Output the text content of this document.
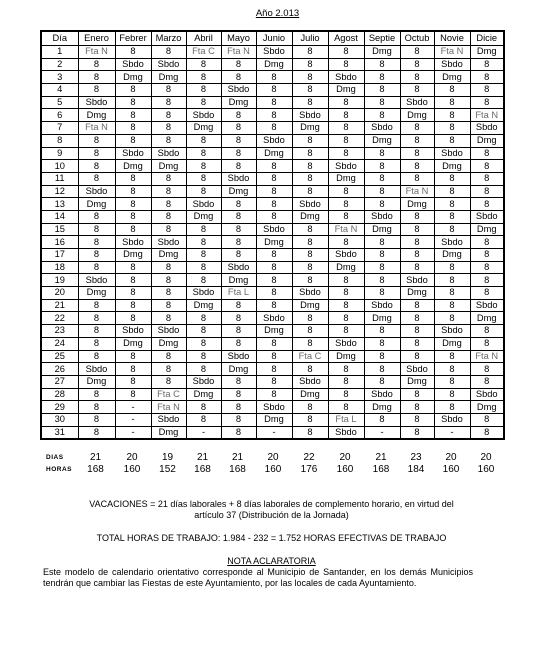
Año 2.013
Día	Enero	Febrer	Marzo	Abril	Mayo	Junio	Julio	Agost	Septie	Octub	Novie	Dicie
1	Fta N	8	8	Fta C	Fta N	Sbdo	8	8	Dmg	8	Fta N	Dmg
2	8	Sbdo	Sbdo	8	8	Dmg	8	8	8	8	Sbdo	8
3	8	Dmg	Dmg	8	8	8	8	Sbdo	8	8	Dmg	8
4	8	8	8	8	Sbdo	8	8	Dmg	8	8	8	8
5	Sbdo	8	8	8	Dmg	8	8	8	8	Sbdo	8	8
6	Dmg	8	8	Sbdo	8	8	Sbdo	8	8	Dmg	8	Fta N
7	Fta N	8	8	Dmg	8	8	Dmg	8	Sbdo	8	8	Sbdo
8	8	8	8	8	8	Sbdo	8	8	Dmg	8	8	Dmg
9	8	Sbdo	Sbdo	8	8	Dmg	8	8	8	8	Sbdo	8
10	8	Dmg	Dmg	8	8	8	8	Sbdo	8	8	Dmg	8
11	8	8	8	8	Sbdo	8	8	Dmg	8	8	8	8
12	Sbdo	8	8	8	Dmg	8	8	8	8	Fta N	8	8
13	Dmg	8	8	Sbdo	8	8	Sbdo	8	8	Dmg	8	8
14	8	8	8	Dmg	8	8	Dmg	8	Sbdo	8	8	Sbdo
15	8	8	8	8	8	Sbdo	8	Fta N	Dmg	8	8	Dmg
16	8	Sbdo	Sbdo	8	8	Dmg	8	8	8	8	Sbdo	8
17	8	Dmg	Dmg	8	8	8	8	Sbdo	8	8	Dmg	8
18	8	8	8	8	Sbdo	8	8	Dmg	8	8	8	8
19	Sbdo	8	8	8	Dmg	8	8	8	8	Sbdo	8	8
20	Dmg	8	8	Sbdo	Fta L	8	Sbdo	8	8	Dmg	8	8
21	8	8	8	Dmg	8	8	Dmg	8	Sbdo	8	8	Sbdo
22	8	8	8	8	8	Sbdo	8	8	Dmg	8	8	Dmg
23	8	Sbdo	Sbdo	8	8	Dmg	8	8	8	8	Sbdo	8
24	8	Dmg	Dmg	8	8	8	8	Sbdo	8	8	Dmg	8
25	8	8	8	8	Sbdo	8	Fta C	Dmg	8	8	8	Fta N
26	Sbdo	8	8	8	Dmg	8	8	8	8	Sbdo	8	8
27	Dmg	8	8	Sbdo	8	8	Sbdo	8	8	Dmg	8	8
28	8	8	Fta C	Dmg	8	8	Dmg	8	Sbdo	8	8	Sbdo
29	8	-	Fta N	8	8	Sbdo	8	8	Dmg	8	8	Dmg
30	8	-	Sbdo	8	8	Dmg	8	Fta L	8	8	Sbdo	8
31	8	-	Dmg	-	8	-	8	Sbdo	-	8	-	8
DIAS	21	20	19	21	21	20	22	20	21	23	20	20
HORAS	168	160	152	168	168	160	176	160	168	184	160	160
VACACIONES = 21 días laborales + 8 días laborales de complemento horario, en virtud del
artículo 37 (Distribución de la Jornada)
TOTAL HORAS DE TRABAJO: 1.984 - 232 = 1.752 HORAS EFECTIVAS DE TRABAJO
NOTA ACLARATORIA
Este modelo de calendario orientativo corresponde al Municipio de Santander, en los demás Municipios tendrán que cambiar las Fiestas de este Ayuntamiento, por las locales de cada Ayuntamiento.
